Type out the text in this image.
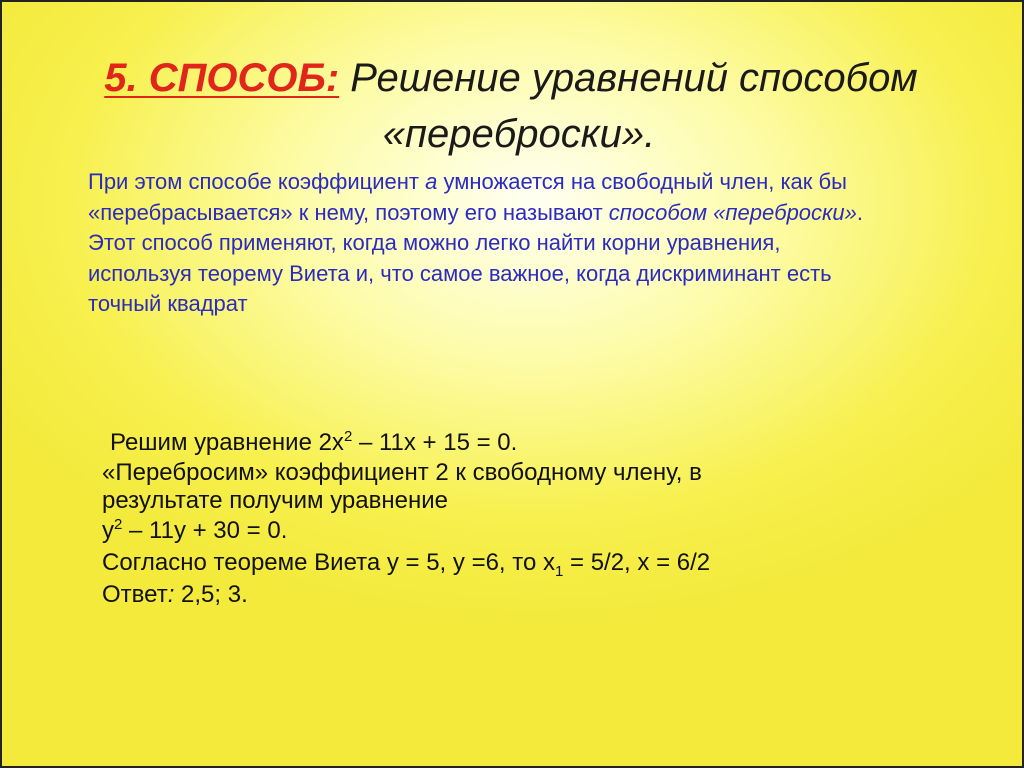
5. СПОСОБ: Решение уравнений способом
«переброски».
При этом способе коэффициент а умножается на свободный член, как бы
«перебрасывается» к нему, поэтому его называют способом «переброски».
Этот способ применяют, когда можно легко найти корни уравнения,
используя теорему Виета и, что самое важное, когда дискриминант есть
точный квадрат
Решим уравнение $2х^2 - 11х + 15 = 0$.
«Перебросим» коэффициент 2 к свободному члену, в
результате получим уравнение
$у^2 - 11у + 30 = 0$.
Согласно теореме Виета у = 5, у =6, то $х_1 = 5/2$, х = 6/2
Ответ: 2,5; 3.
